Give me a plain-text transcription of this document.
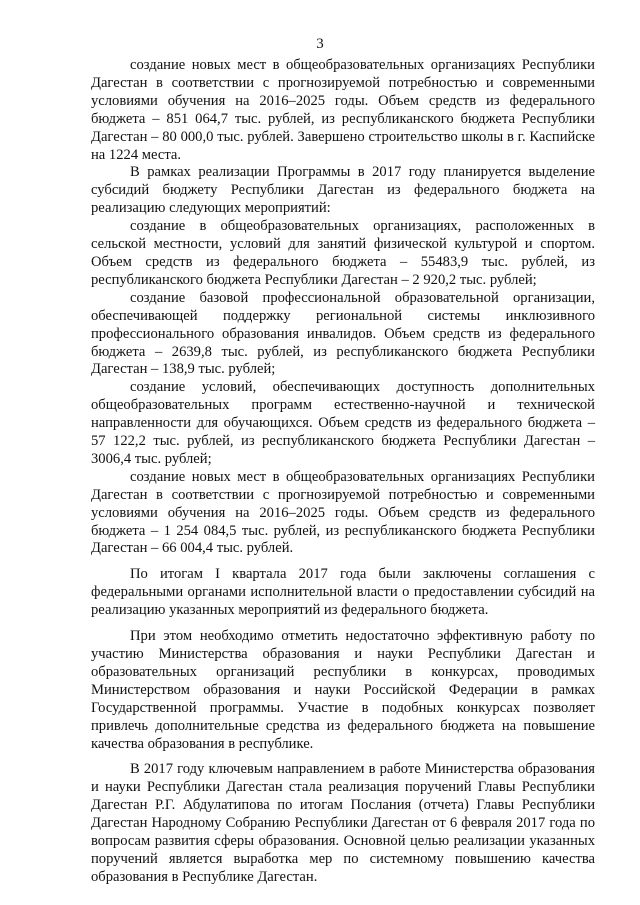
3

создание новых мест в общеобразовательных организациях Республики Дагестан в соответствии с прогнозируемой потребностью и современными условиями обучения на 2016–2025 годы. Объем средств из федерального бюджета – 851 064,7 тыс. рублей, из республиканского бюджета Республики Дагестан – 80 000,0 тыс. рублей. Завершено строительство школы в г. Каспийске на 1224 места.

В рамках реализации Программы в 2017 году планируется выделение субсидий бюджету Республики Дагестан из федерального бюджета на реализацию следующих мероприятий:

создание в общеобразовательных организациях, расположенных в сельской местности, условий для занятий физической культурой и спортом. Объем средств из федерального бюджета – 55483,9 тыс. рублей, из республиканского бюджета Республики Дагестан – 2 920,2 тыс. рублей;

создание базовой профессиональной образовательной организации, обеспечивающей поддержку региональной системы инклюзивного профессионального образования инвалидов. Объем средств из федерального бюджета – 2639,8 тыс. рублей, из республиканского бюджета Республики Дагестан – 138,9 тыс. рублей;

создание условий, обеспечивающих доступность дополнительных общеобразовательных программ естественно-научной и технической направленности для обучающихся. Объем средств из федерального бюджета – 57 122,2 тыс. рублей, из республиканского бюджета Республики Дагестан – 3006,4 тыс. рублей;

создание новых мест в общеобразовательных организациях Республики Дагестан в соответствии с прогнозируемой потребностью и современными условиями обучения на 2016–2025 годы. Объем средств из федерального бюджета – 1 254 084,5 тыс. рублей, из республиканского бюджета Республики Дагестан – 66 004,4 тыс. рублей.

По итогам I квартала 2017 года были заключены соглашения с федеральными органами исполнительной власти о предоставлении субсидий на реализацию указанных мероприятий из федерального бюджета.

При этом необходимо отметить недостаточно эффективную работу по участию Министерства образования и науки Республики Дагестан и образовательных организаций республики в конкурсах, проводимых Министерством образования и науки Российской Федерации в рамках Государственной программы. Участие в подобных конкурсах позволяет привлечь дополнительные средства из федерального бюджета на повышение качества образования в республике.

В 2017 году ключевым направлением в работе Министерства образования и науки Республики Дагестан стала реализация поручений Главы Республики Дагестан Р.Г. Абдулатипова по итогам Послания (отчета) Главы Республики Дагестан Народному Собранию Республики Дагестан от 6 февраля 2017 года по вопросам развития сферы образования. Основной целью реализации указанных поручений является выработка мер по системному повышению качества образования в Республике Дагестан.
